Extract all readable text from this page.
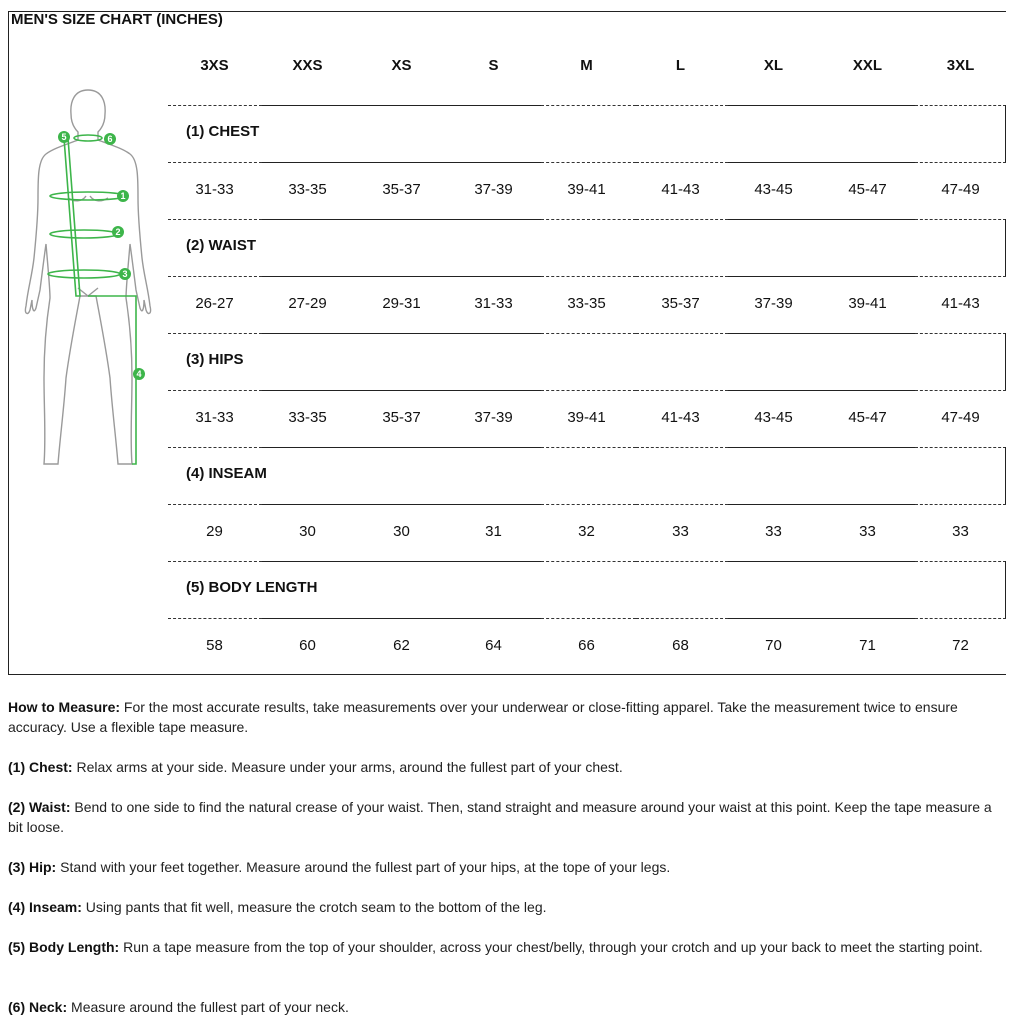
MEN'S SIZE CHART (INCHES)
5	6
1
2
3
4
3XS	XXS	XS	S	M	L	XL	XXL	3XL
(1) CHEST
31-33	33-35	35-37	37-39	39-41	41-43	43-45	45-47	47-49
(2) WAIST
26-27	27-29	29-31	31-33	33-35	35-37	37-39	39-41	41-43
(3) HIPS
31-33	33-35	35-37	37-39	39-41	41-43	43-45	45-47	47-49
(4) INSEAM
29	30	30	31	32	33	33	33	33
(5) BODY LENGTH
58	60	62	64	66	68	70	71	72
How to Measure: For the most accurate results, take measurements over your underwear or close-fitting apparel. Take the measurement twice to ensure accuracy. Use a flexible tape measure.
(1) Chest: Relax arms at your side. Measure under your arms, around the fullest part of your chest.
(2) Waist: Bend to one side to find the natural crease of your waist. Then, stand straight and measure around your waist at this point. Keep the tape measure a bit loose.
(3) Hip: Stand with your feet together. Measure around the fullest part of your hips, at the tope of your legs.
(4) Inseam: Using pants that fit well, measure the crotch seam to the bottom of the leg.
(5) Body Length: Run a tape measure from the top of your shoulder, across your chest/belly, through your crotch and up your back to meet the starting point.
(6) Neck: Measure around the fullest part of your neck.
